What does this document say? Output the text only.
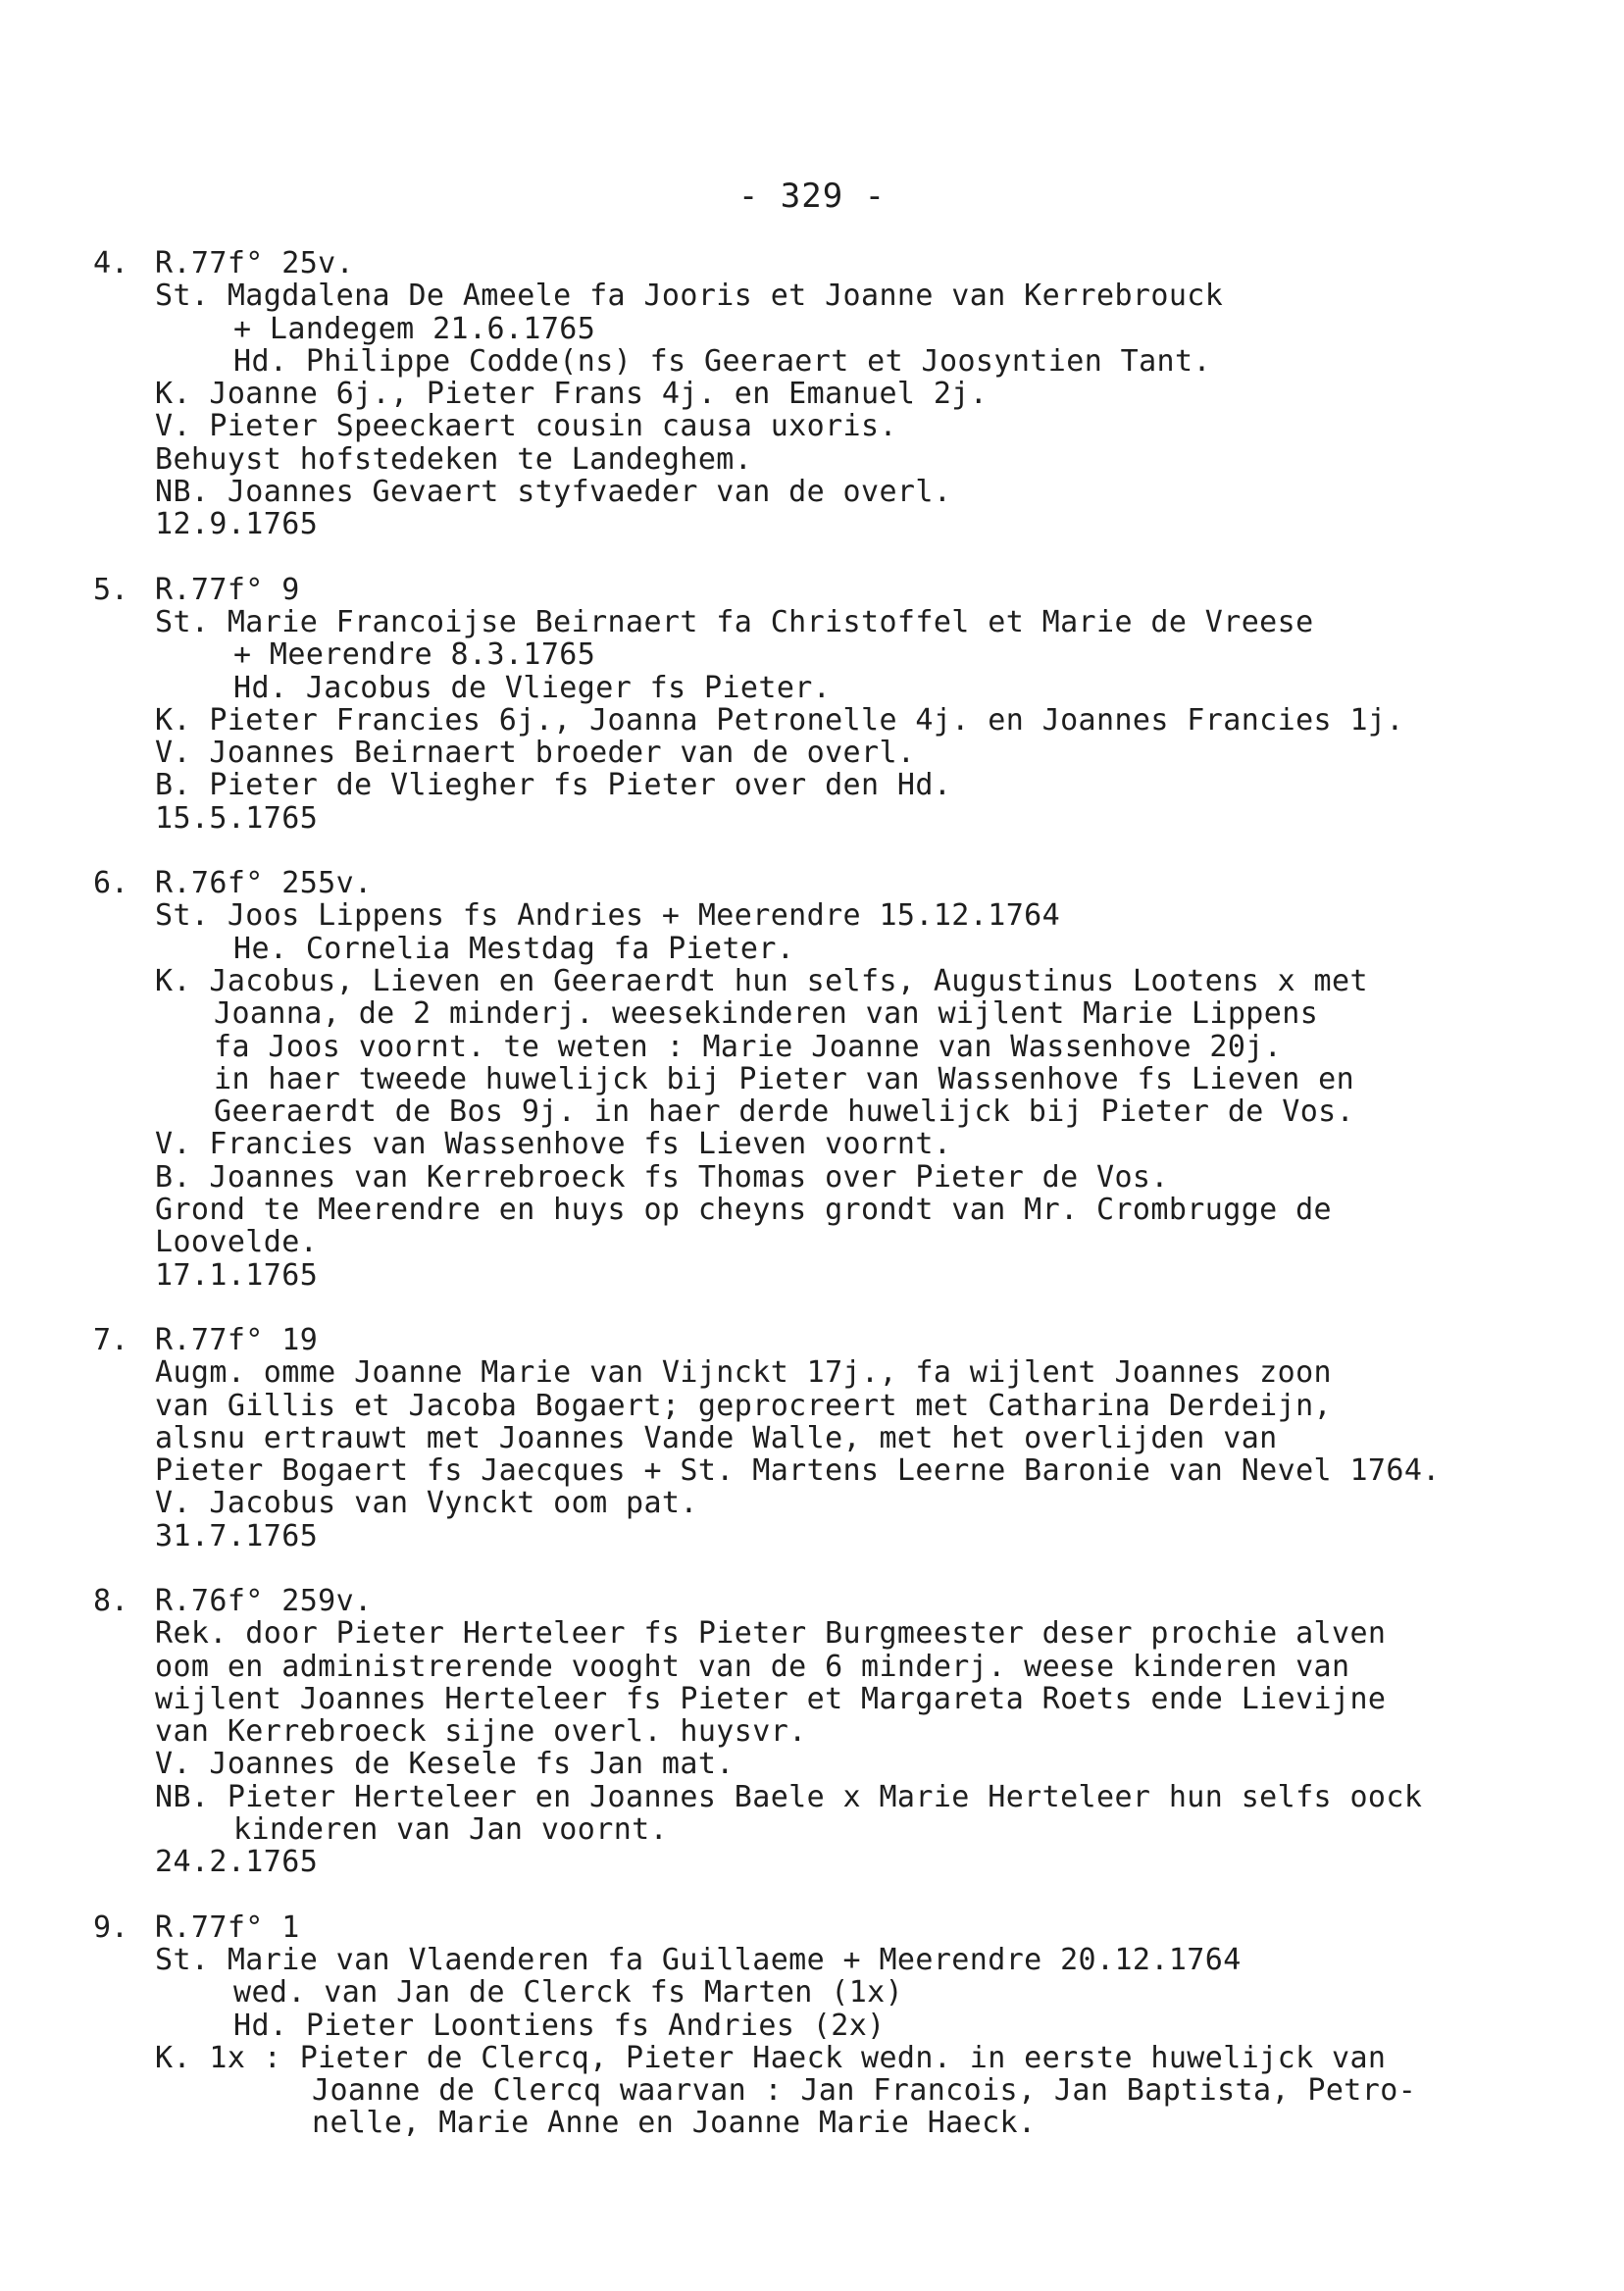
- 329 -
4. R.77f° 25v.
St. Magdalena De Ameele fa Jooris et Joanne van Kerrebrouck
+ Landegem 21.6.1765
Hd. Philippe Codde(ns) fs Geeraert et Joosyntien Tant.
K. Joanne 6j., Pieter Frans 4j. en Emanuel 2j.
V. Pieter Speeckaert cousin causa uxoris.
Behuyst hofstedeken te Landeghem.
NB. Joannes Gevaert styfvaeder van de overl.
12.9.1765
5. R.77f° 9
St. Marie Francoijse Beirnaert fa Christoffel et Marie de Vreese
+ Meerendre 8.3.1765
Hd. Jacobus de Vlieger fs Pieter.
K. Pieter Francies 6j., Joanna Petronelle 4j. en Joannes Francies 1j.
V. Joannes Beirnaert broeder van de overl.
B. Pieter de Vliegher fs Pieter over den Hd.
15.5.1765
6. R.76f° 255v.
St. Joos Lippens fs Andries + Meerendre 15.12.1764
He. Cornelia Mestdag fa Pieter.
K. Jacobus, Lieven en Geeraerdt hun selfs, Augustinus Lootens x met
Joanna, de 2 minderj. weesekinderen van wijlent Marie Lippens
fa Joos voornt. te weten : Marie Joanne van Wassenhove 20j.
in haer tweede huwelijck bij Pieter van Wassenhove fs Lieven en
Geeraerdt de Bos 9j. in haer derde huwelijck bij Pieter de Vos.
V. Francies van Wassenhove fs Lieven voornt.
B. Joannes van Kerrebroeck fs Thomas over Pieter de Vos.
Grond te Meerendre en huys op cheyns grondt van Mr. Crombrugge de
Loovelde.
17.1.1765
7. R.77f° 19
Augm. omme Joanne Marie van Vijnckt 17j., fa wijlent Joannes zoon
van Gillis et Jacoba Bogaert; geprocreert met Catharina Derdeijn,
alsnu ertrauwt met Joannes Vande Walle, met het overlijden van
Pieter Bogaert fs Jaecques + St. Martens Leerne Baronie van Nevel 1764.
V. Jacobus van Vynckt oom pat.
31.7.1765
8. R.76f° 259v.
Rek. door Pieter Herteleer fs Pieter Burgmeester deser prochie alven
oom en administrerende vooght van de 6 minderj. weese kinderen van
wijlent Joannes Herteleer fs Pieter et Margareta Roets ende Lievijne
van Kerrebroeck sijne overl. huysvr.
V. Joannes de Kesele fs Jan mat.
NB. Pieter Herteleer en Joannes Baele x Marie Herteleer hun selfs oock
kinderen van Jan voornt.
24.2.1765
9. R.77f° 1
St. Marie van Vlaenderen fa Guillaeme + Meerendre 20.12.1764
wed. van Jan de Clerck fs Marten (1x)
Hd. Pieter Loontiens fs Andries (2x)
K. 1x : Pieter de Clercq, Pieter Haeck wedn. in eerste huwelijck van
Joanne de Clercq waarvan : Jan Francois, Jan Baptista, Petro-
nelle, Marie Anne en Joanne Marie Haeck.
